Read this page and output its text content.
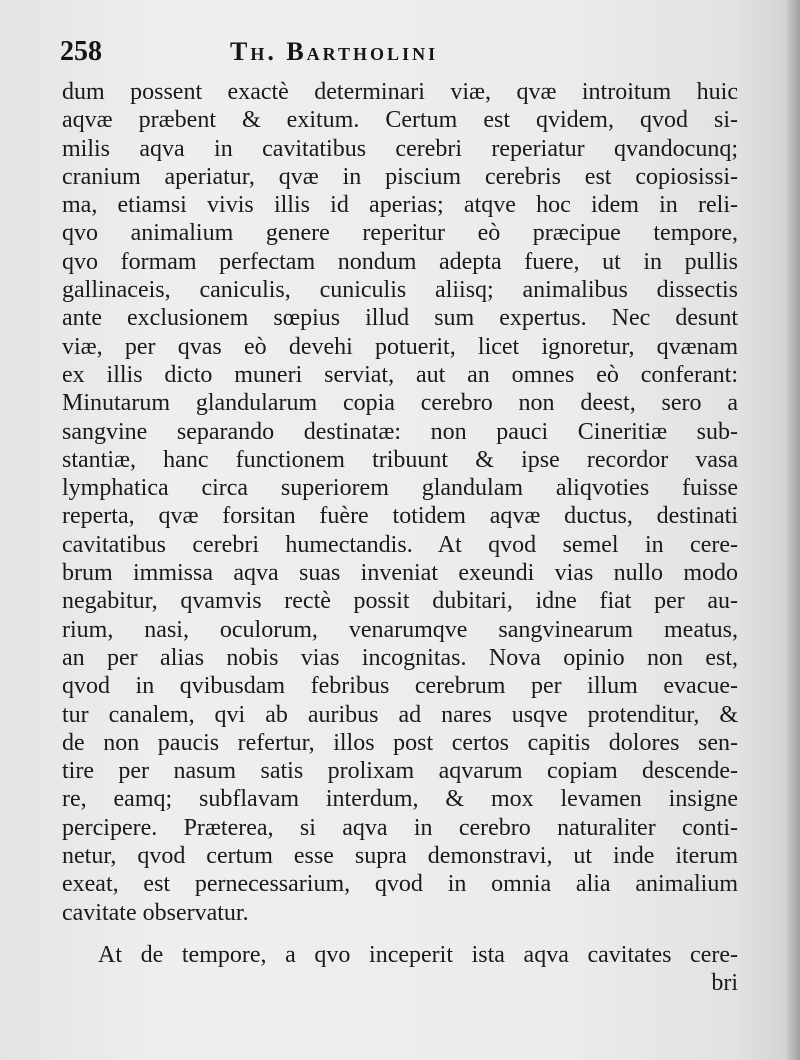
258	Th. Bartholini
dum possent exactè determinari viæ, qvæ introitum huic
aqvæ præbent & exitum. Certum est qvidem, qvod si-
milis aqva in cavitatibus cerebri reperiatur qvandocunq;
cranium aperiatur, qvæ in piscium cerebris est copiosissi-
ma, etiamsi vivis illis id aperias; atqve hoc idem in reli-
qvo animalium genere reperitur eò præcipue tempore,
qvo formam perfectam nondum adepta fuere, ut in pullis
gallinaceis, caniculis, cuniculis aliisq; animalibus dissectis
ante exclusionem sœpius illud sum expertus. Nec desunt
viæ, per qvas eò devehi potuerit, licet ignoretur, qvænam
ex illis dicto muneri serviat, aut an omnes eò conferant:
Minutarum glandularum copia cerebro non deest, sero a
sangvine separando destinatæ: non pauci Cineritiæ sub-
stantiæ, hanc functionem tribuunt & ipse recordor vasa
lymphatica circa superiorem glandulam aliqvoties fuisse
reperta, qvæ forsitan fuère totidem aqvæ ductus, destinati
cavitatibus cerebri humectandis. At qvod semel in cere-
brum immissa aqva suas inveniat exeundi vias nullo modo
negabitur, qvamvis rectè possit dubitari, idne fiat per au-
rium, nasi, oculorum, venarumqve sangvinearum meatus,
an per alias nobis vias incognitas. Nova opinio non est,
qvod in qvibusdam febribus cerebrum per illum evacue-
tur canalem, qvi ab auribus ad nares usqve protenditur, &
de non paucis refertur, illos post certos capitis dolores sen-
tire per nasum satis prolixam aqvarum copiam descende-
re, eamq; subflavam interdum, & mox levamen insigne
percipere. Præterea, si aqva in cerebro naturaliter conti-
netur, qvod certum esse supra demonstravi, ut inde iterum
exeat, est pernecessarium, qvod in omnia alia animalium
cavitate observatur.
At de tempore, a qvo inceperit ista aqva cavitates cere-
bri
